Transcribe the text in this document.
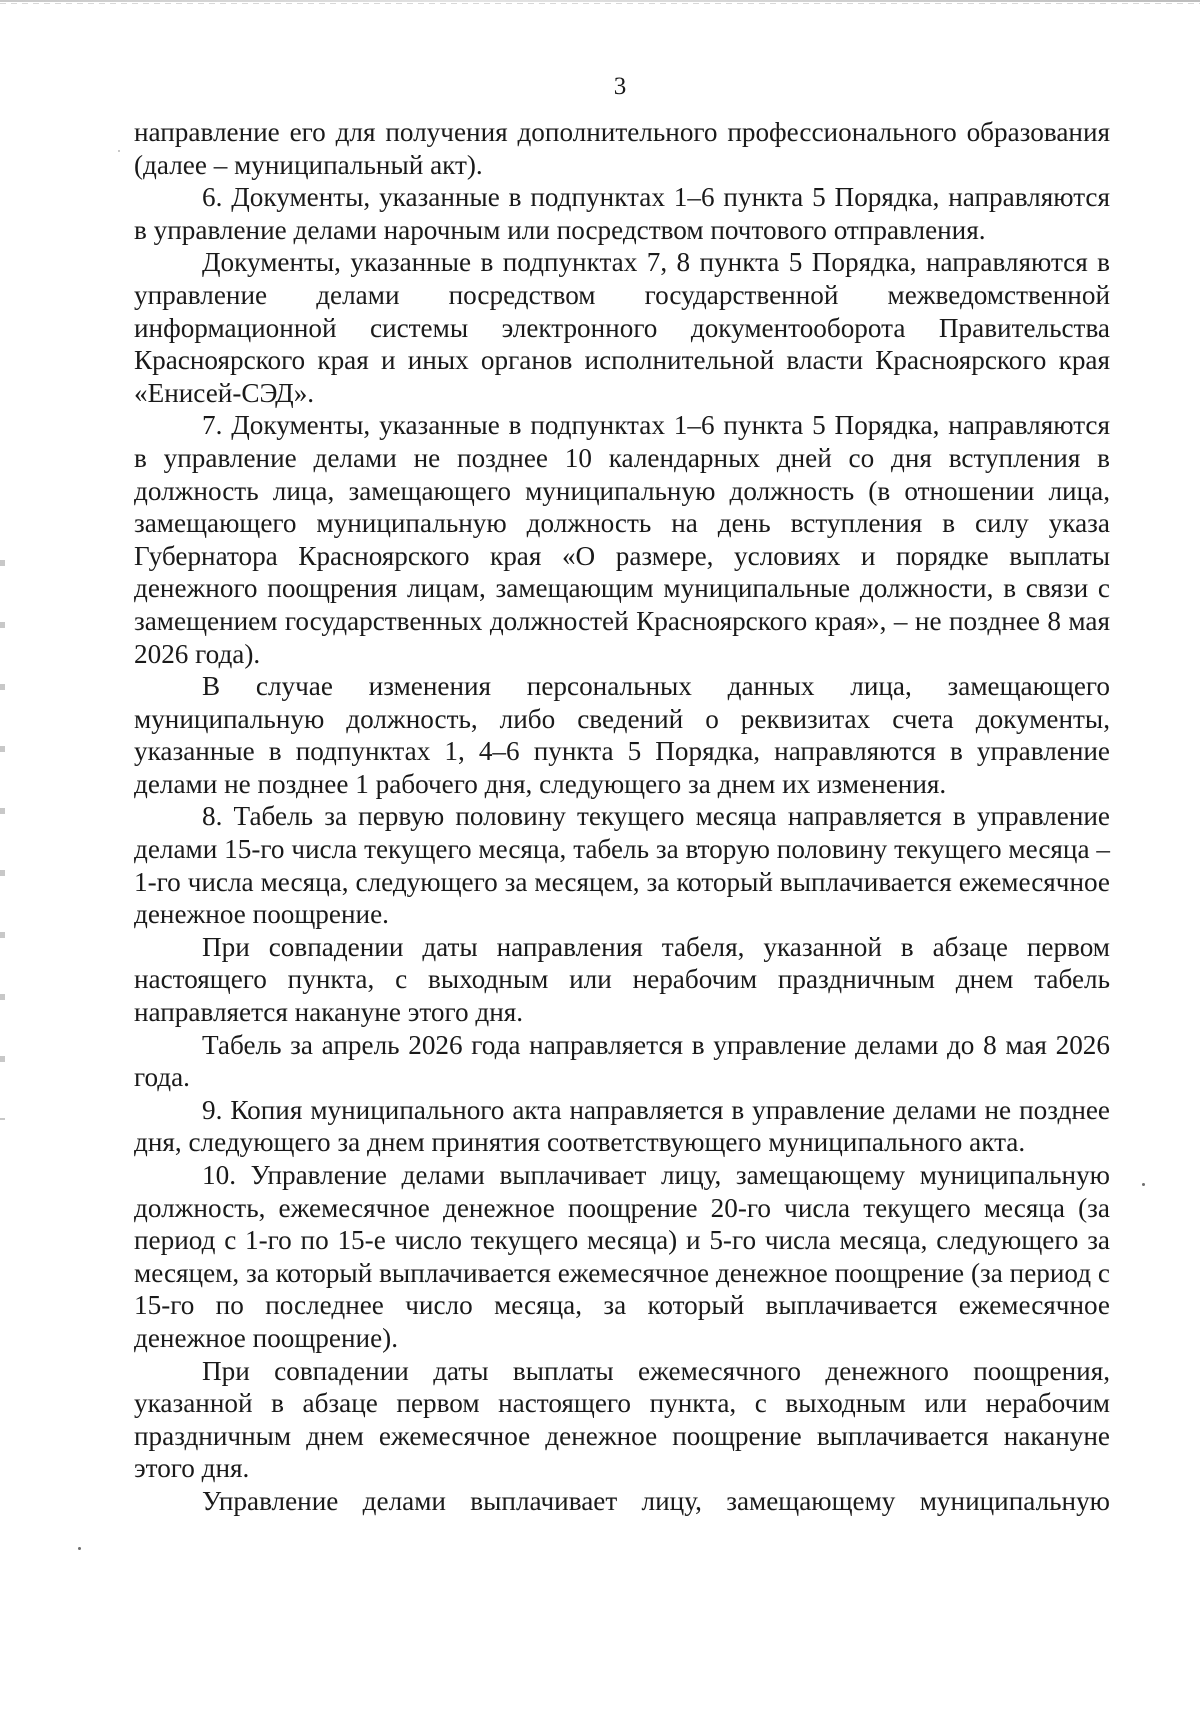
3

направление его для получения дополнительного профессионального образования (далее – муниципальный акт).

6. Документы, указанные в подпунктах 1–6 пункта 5 Порядка, направляются в управление делами нарочным или посредством почтового отправления.

Документы, указанные в подпунктах 7, 8 пункта 5 Порядка, направляются в управление делами посредством государственной межведомственной информационной системы электронного документооборота Правительства Красноярского края и иных органов исполнительной власти Красноярского края «Енисей-СЭД».

7. Документы, указанные в подпунктах 1–6 пункта 5 Порядка, направляются в управление делами не позднее 10 календарных дней со дня вступления в должность лица, замещающего муниципальную должность (в отношении лица, замещающего муниципальную должность на день вступления в силу указа Губернатора Красноярского края «О размере, условиях и порядке выплаты денежного поощрения лицам, замещающим муниципальные должности, в связи с замещением государственных должностей Красноярского края», – не позднее 8 мая 2026 года).

В случае изменения персональных данных лица, замещающего муниципальную должность, либо сведений о реквизитах счета документы, указанные в подпунктах 1, 4–6 пункта 5 Порядка, направляются в управление делами не позднее 1 рабочего дня, следующего за днем их изменения.

8. Табель за первую половину текущего месяца направляется в управление делами 15-го числа текущего месяца, табель за вторую половину текущего месяца – 1-го числа месяца, следующего за месяцем, за который выплачивается ежемесячное денежное поощрение.

При совпадении даты направления табеля, указанной в абзаце первом настоящего пункта, с выходным или нерабочим праздничным днем табель направляется накануне этого дня.

Табель за апрель 2026 года направляется в управление делами до 8 мая 2026 года.

9. Копия муниципального акта направляется в управление делами не позднее дня, следующего за днем принятия соответствующего муниципального акта.

10. Управление делами выплачивает лицу, замещающему муниципальную должность, ежемесячное денежное поощрение 20-го числа текущего месяца (за период с 1-го по 15-е число текущего месяца) и 5-го числа месяца, следующего за месяцем, за который выплачивается ежемесячное денежное поощрение (за период с 15-го по последнее число месяца, за который выплачивается ежемесячное денежное поощрение).

При совпадении даты выплаты ежемесячного денежного поощрения, указанной в абзаце первом настоящего пункта, с выходным или нерабочим праздничным днем ежемесячное денежное поощрение выплачивается накануне этого дня.

Управление делами выплачивает лицу, замещающему муниципальную
